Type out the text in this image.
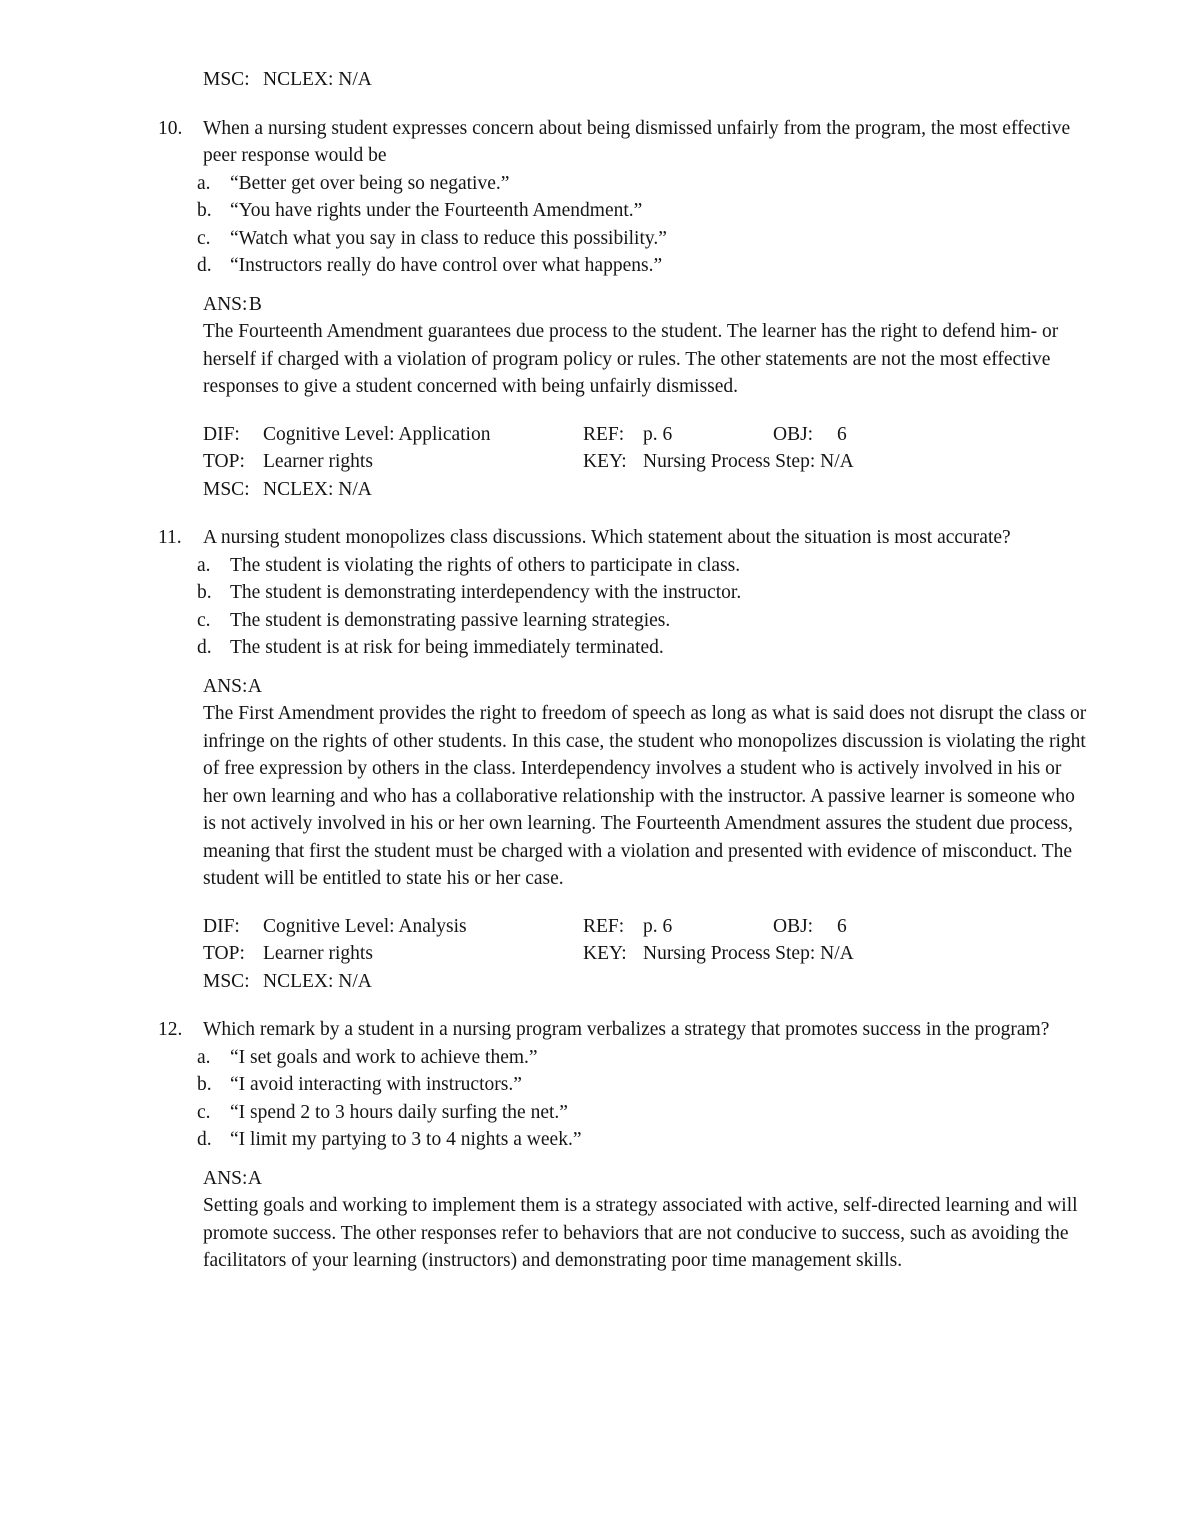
MSC: NCLEX: N/A
10.	When a nursing student expresses concern about being dismissed unfairly from the program, the most effective peer response would be
a. “Better get over being so negative.”
b. “You have rights under the Fourteenth Amendment.”
c. “Watch what you say in class to reduce this possibility.”
d. “Instructors really do have control over what happens.”
ANS: B
The Fourteenth Amendment guarantees due process to the student. The learner has the right to defend him- or herself if charged with a violation of program policy or rules. The other statements are not the most effective responses to give a student concerned with being unfairly dismissed.
DIF:	Cognitive Level: Application	REF: p. 6	OBJ:	6
TOP: Learner rights	KEY: Nursing Process Step: N/A
MSC: NCLEX: N/A
11.	A nursing student monopolizes class discussions. Which statement about the situation is most accurate?
a. The student is violating the rights of others to participate in class.
b. The student is demonstrating interdependency with the instructor.
c. The student is demonstrating passive learning strategies.
d. The student is at risk for being immediately terminated.
ANS: A
The First Amendment provides the right to freedom of speech as long as what is said does not disrupt the class or infringe on the rights of other students. In this case, the student who monopolizes discussion is violating the right of free expression by others in the class. Interdependency involves a student who is actively involved in his or her own learning and who has a collaborative relationship with the instructor. A passive learner is someone who is not actively involved in his or her own learning. The Fourteenth Amendment assures the student due process, meaning that first the student must be charged with a violation and presented with evidence of misconduct. The student will be entitled to state his or her case.
DIF:	Cognitive Level: Analysis	REF: p. 6	OBJ:	6
TOP: Learner rights	KEY: Nursing Process Step: N/A
MSC: NCLEX: N/A
12.	Which remark by a student in a nursing program verbalizes a strategy that promotes success in the program?
a. “I set goals and work to achieve them.”
b. “I avoid interacting with instructors.”
c. “I spend 2 to 3 hours daily surfing the net.”
d. “I limit my partying to 3 to 4 nights a week.”
ANS: A
Setting goals and working to implement them is a strategy associated with active, self-directed learning and will promote success. The other responses refer to behaviors that are not conducive to success, such as avoiding the facilitators of your learning (instructors) and demonstrating poor time management skills.
